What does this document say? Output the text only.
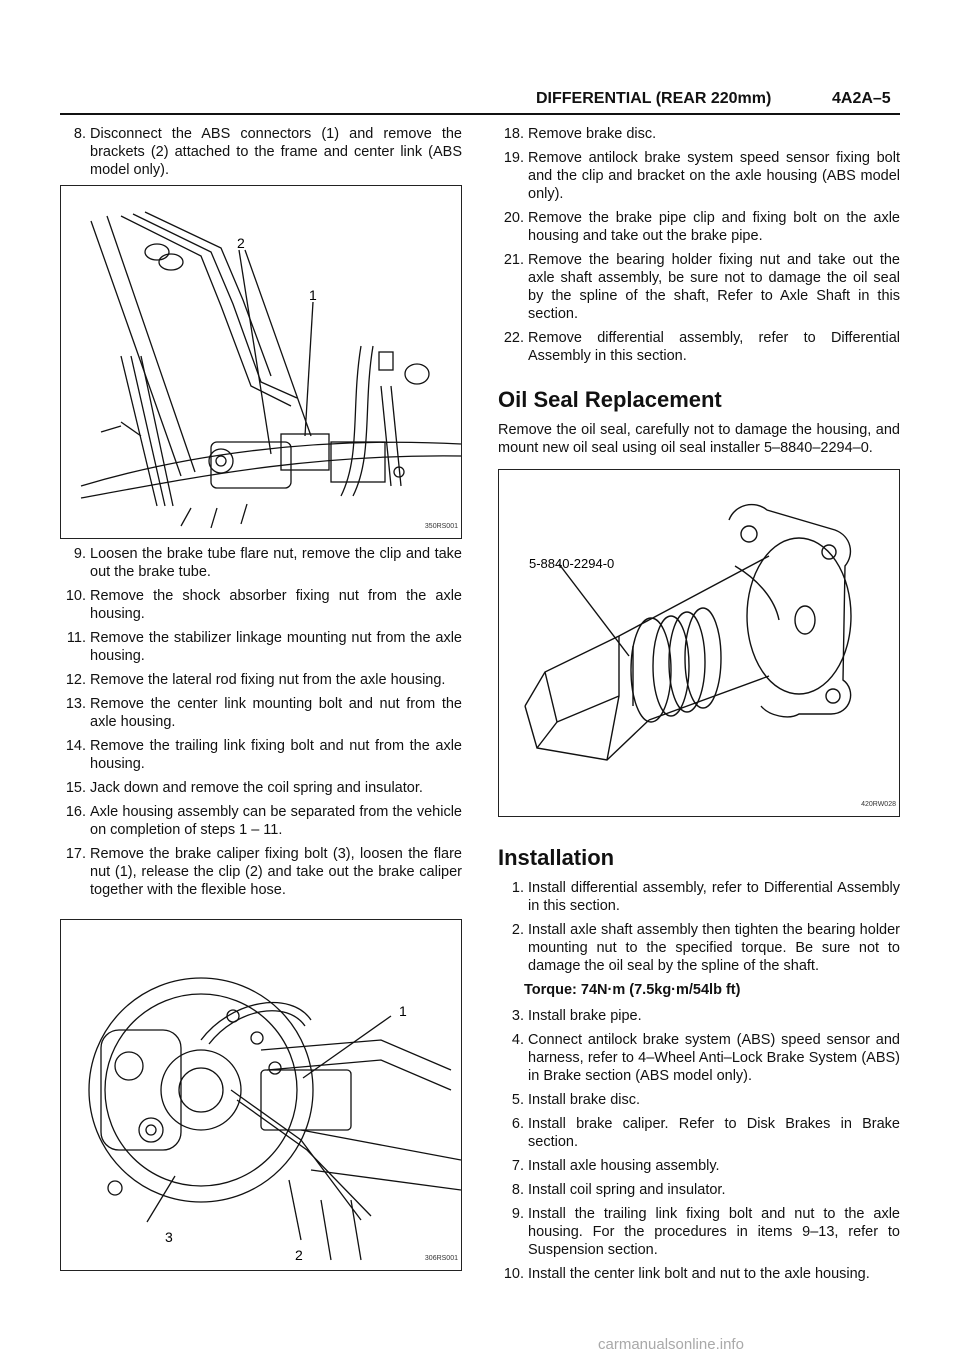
DIFFERENTIAL (REAR 220mm)	4A2A–5
8. Disconnect the ABS connectors (1) and remove the brackets (2) attached to the frame and center link (ABS model only).
2
1
350RS001
9. Loosen the brake tube flare nut, remove the clip and take out the brake tube.
10. Remove the shock absorber fixing nut from the axle housing.
11. Remove the stabilizer linkage mounting nut from the axle housing.
12. Remove the lateral rod fixing nut from the axle housing.
13. Remove the center link mounting bolt and nut from the axle housing.
14. Remove the trailing link fixing bolt and nut from the axle housing.
15. Jack down and remove the coil spring and insulator.
16. Axle housing assembly can be separated from the vehicle on completion of steps 1 – 11.
17. Remove the brake caliper fixing bolt (3), loosen the flare nut (1), release the clip (2) and take out the brake caliper together with the flexible hose.
1
3
2	306RS001
18. Remove brake disc.
19. Remove antilock brake system speed sensor fixing bolt and the clip and bracket on the axle housing (ABS model only).
20. Remove the brake pipe clip and fixing bolt on the axle housing and take out the brake pipe.
21. Remove the bearing holder fixing nut and take out the axle shaft assembly, be sure not to damage the oil seal by the spline of the shaft, Refer to Axle Shaft in this section.
22. Remove differential assembly, refer to Differential Assembly in this section.
Oil Seal Replacement
Remove the oil seal, carefully not to damage the housing, and mount new oil seal using oil seal installer 5–8840–2294–0.
5-8840-2294-0
420RW028
Installation
1. Install differential assembly, refer to Differential Assembly in this section.
2. Install axle shaft assembly then tighten the bearing holder mounting nut to the specified torque. Be sure not to damage the oil seal by the spline of the shaft.
Torque: 74N·m (7.5kg·m/54lb ft)
3. Install brake pipe.
4. Connect antilock brake system (ABS) speed sensor and harness, refer to 4–Wheel Anti–Lock Brake System (ABS) in Brake section (ABS model only).
5. Install brake disc.
6. Install brake caliper. Refer to Disk Brakes in Brake section.
7. Install axle housing assembly.
8. Install coil spring and insulator.
9. Install the trailing link fixing bolt and nut to the axle housing. For the procedures in items 9–13, refer to Suspension section.
10. Install the center link bolt and nut to the axle housing.
carmanualsonline.info
